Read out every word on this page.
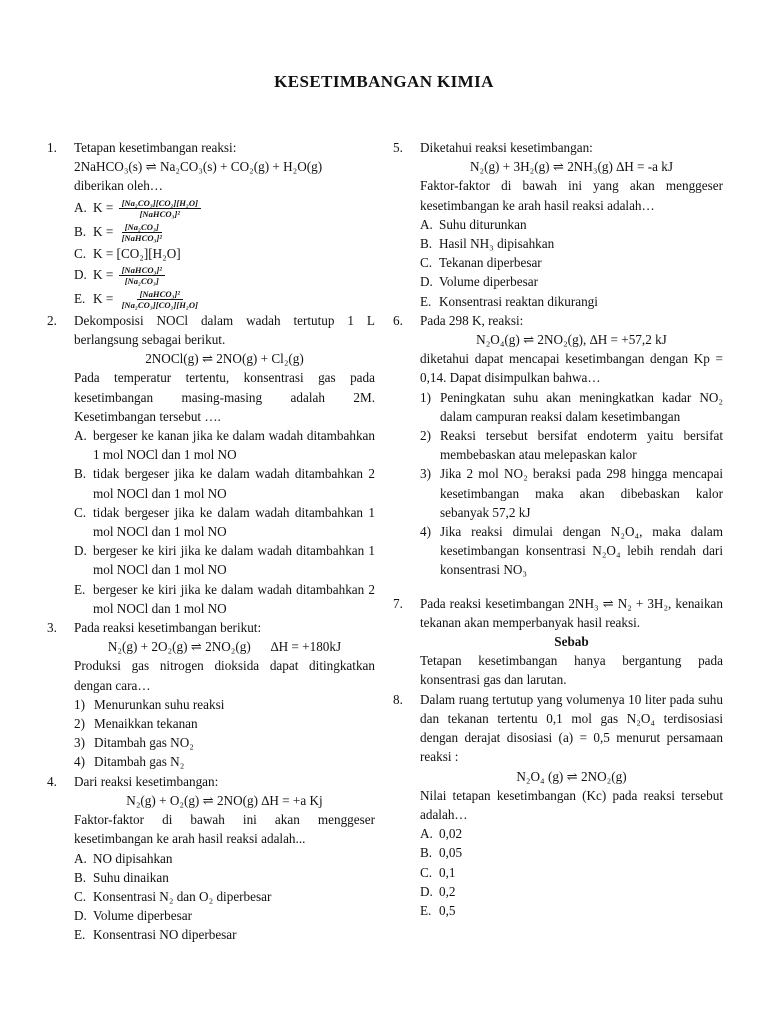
KESETIMBANGAN KIMIA
1. Tetapan kesetimbangan reaksi:
2NaHCO₃(s) ⇌ Na₂CO₃(s) + CO₂(g) + H₂O(g)
diberikan oleh…
A. $K = \frac{\text{[Na₂CO₃][CO₂][H₂O]}}{\text{[NaHCO₃]²}}$
B. $K = \frac{\text{[Na₂CO₃]}}{\text{[NaHCO₃]²}}$
C. K = [CO₂][H₂O]
D. $K = \frac{\text{[NaHCO₃]²}}{\text{[Na₂CO₃]}}$
E. $K = \frac{\text{[NaHCO₃]²}}{\text{[Na₂CO₃][CO₂][H₂O]}}$
2. Dekomposisi NOCl dalam wadah tertutup 1 L berlangsung sebagai berikut.
2NOCl(g) ⇌ 2NO(g) + Cl₂(g)
Pada temperatur tertentu, konsentrasi gas pada kesetimbangan masing-masing adalah 2M. Kesetimbangan tersebut ….
A. bergeser ke kanan jika ke dalam wadah ditambahkan 1 mol NOCl dan 1 mol NO
B. tidak bergeser jika ke dalam wadah ditambahkan 2 mol NOCl dan 1 mol NO
C. tidak bergeser jika ke dalam wadah ditambahkan 1 mol NOCl dan 1 mol NO
D. bergeser ke kiri jika ke dalam wadah ditambahkan 1 mol NOCl dan 1 mol NO
E. bergeser ke kiri jika ke dalam wadah ditambahkan 2 mol NOCl dan 1 mol NO
3. Pada reaksi kesetimbangan berikut:
N₂(g) + 2O₂(g) ⇌ 2NO₂(g)      ∆H = +180kJ
Produksi gas nitrogen dioksida dapat ditingkatkan dengan cara…
1) Menurunkan suhu reaksi
2) Menaikkan tekanan
3) Ditambah gas NO₂
4) Ditambah gas N₂
4. Dari reaksi kesetimbangan:
N₂(g) + O₂(g) ⇌ 2NO(g) ∆H = +a Kj
Faktor-faktor di bawah ini akan menggeser kesetimbangan ke arah hasil reaksi adalah...
A. NO dipisahkan
B. Suhu dinaikan
C. Konsentrasi N₂ dan O₂ diperbesar
D. Volume diperbesar
E. Konsentrasi NO diperbesar
5. Diketahui reaksi kesetimbangan:
N₂(g) + 3H₂(g) ⇌ 2NH₃(g) ∆H = -a kJ
Faktor-faktor di bawah ini yang akan menggeser kesetimbangan ke arah hasil reaksi adalah…
A. Suhu diturunkan
B. Hasil NH₃ dipisahkan
C. Tekanan diperbesar
D. Volume diperbesar
E. Konsentrasi reaktan dikurangi
6. Pada 298 K, reaksi:
N₂O₄(g) ⇌ 2NO₂(g), ∆H = +57,2 kJ
diketahui dapat mencapai kesetimbangan dengan Kp = 0,14. Dapat disimpulkan bahwa…
1) Peningkatan suhu akan meningkatkan kadar NO₂ dalam campuran reaksi dalam kesetimbangan
2) Reaksi tersebut bersifat endoterm yaitu bersifat membebaskan atau melepaskan kalor
3) Jika 2 mol NO₂ beraksi pada 298 hingga mencapai kesetimbangan maka akan dibebaskan kalor sebanyak 57,2 kJ
4) Jika reaksi dimulai dengan N₂O₄, maka dalam kesetimbangan konsentrasi N₂O₄ lebih rendah dari konsentrasi NO₃
7. Pada reaksi kesetimbangan 2NH₃ ⇌ N₂ + 3H₂, kenaikan tekanan akan memperbanyak hasil reaksi.
Sebab
Tetapan kesetimbangan hanya bergantung pada konsentrasi gas dan larutan.
8. Dalam ruang tertutup yang volumenya 10 liter pada suhu dan tekanan tertentu 0,1 mol gas N₂O₄ terdisosiasi dengan derajat disosiasi (a) = 0,5 menurut persamaan reaksi :
N₂O₄ (g) ⇌ 2NO₂(g)
Nilai tetapan kesetimbangan (Kc) pada reaksi tersebut adalah…
A. 0,02
B. 0,05
C. 0,1
D. 0,2
E. 0,5
